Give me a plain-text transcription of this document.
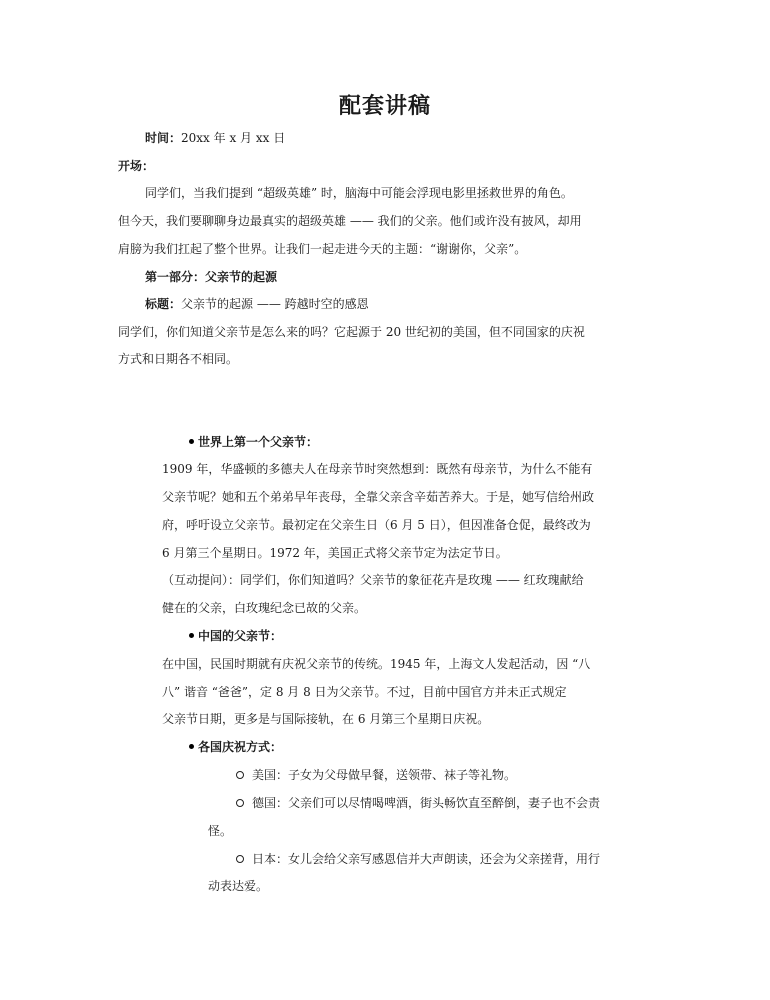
配套讲稿
时间：20xx 年 x 月 xx 日
开场：
同学们，当我们提到 “超级英雄” 时，脑海中可能会浮现电影里拯救世界的角色。
但今天，我们要聊聊身边最真实的超级英雄 —— 我们的父亲。他们或许没有披风，却用
肩膀为我们扛起了整个世界。让我们一起走进今天的主题：“谢谢你，父亲”。
第一部分：父亲节的起源
标题：父亲节的起源 —— 跨越时空的感恩
同学们，你们知道父亲节是怎么来的吗？它起源于 20 世纪初的美国，但不同国家的庆祝
方式和日期各不相同。
世界上第一个父亲节：
1909 年，华盛顿的多德夫人在母亲节时突然想到：既然有母亲节，为什么不能有
父亲节呢？她和五个弟弟早年丧母，全靠父亲含辛茹苦养大。于是，她写信给州政
府，呼吁设立父亲节。最初定在父亲生日（6 月 5 日），但因准备仓促，最终改为
6 月第三个星期日。1972 年，美国正式将父亲节定为法定节日。
（互动提问）：同学们，你们知道吗？父亲节的象征花卉是玫瑰 —— 红玫瑰献给
健在的父亲，白玫瑰纪念已故的父亲。
中国的父亲节：
在中国，民国时期就有庆祝父亲节的传统。1945 年，上海文人发起活动，因 “八
八” 谐音 “爸爸”，定 8 月 8 日为父亲节。不过，目前中国官方并未正式规定
父亲节日期，更多是与国际接轨，在 6 月第三个星期日庆祝。
各国庆祝方式：
美国：子女为父母做早餐，送领带、袜子等礼物。
德国：父亲们可以尽情喝啤酒，街头畅饮直至醉倒，妻子也不会责
怪。
日本：女儿会给父亲写感恩信并大声朗读，还会为父亲搓背，用行
动表达爱。
